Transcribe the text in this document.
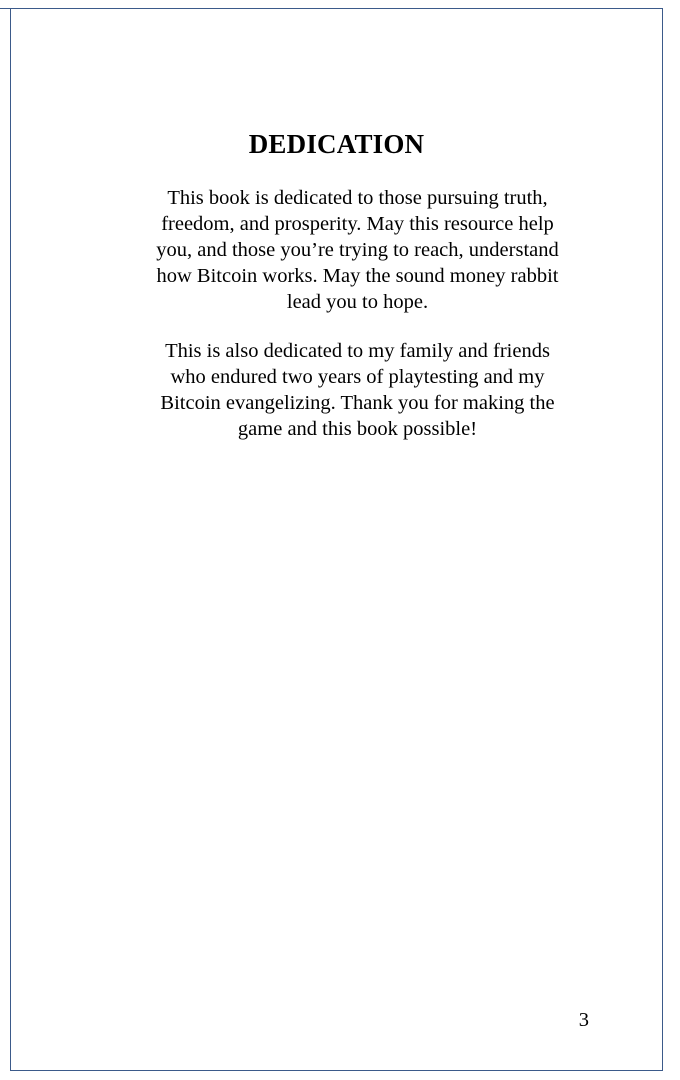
DEDICATION
This book is dedicated to those pursuing truth,
freedom, and prosperity. May this resource help
you, and those you’re trying to reach, understand
how Bitcoin works. May the sound money rabbit
lead you to hope.
This is also dedicated to my family and friends
who endured two years of playtesting and my
Bitcoin evangelizing. Thank you for making the
game and this book possible!
3
